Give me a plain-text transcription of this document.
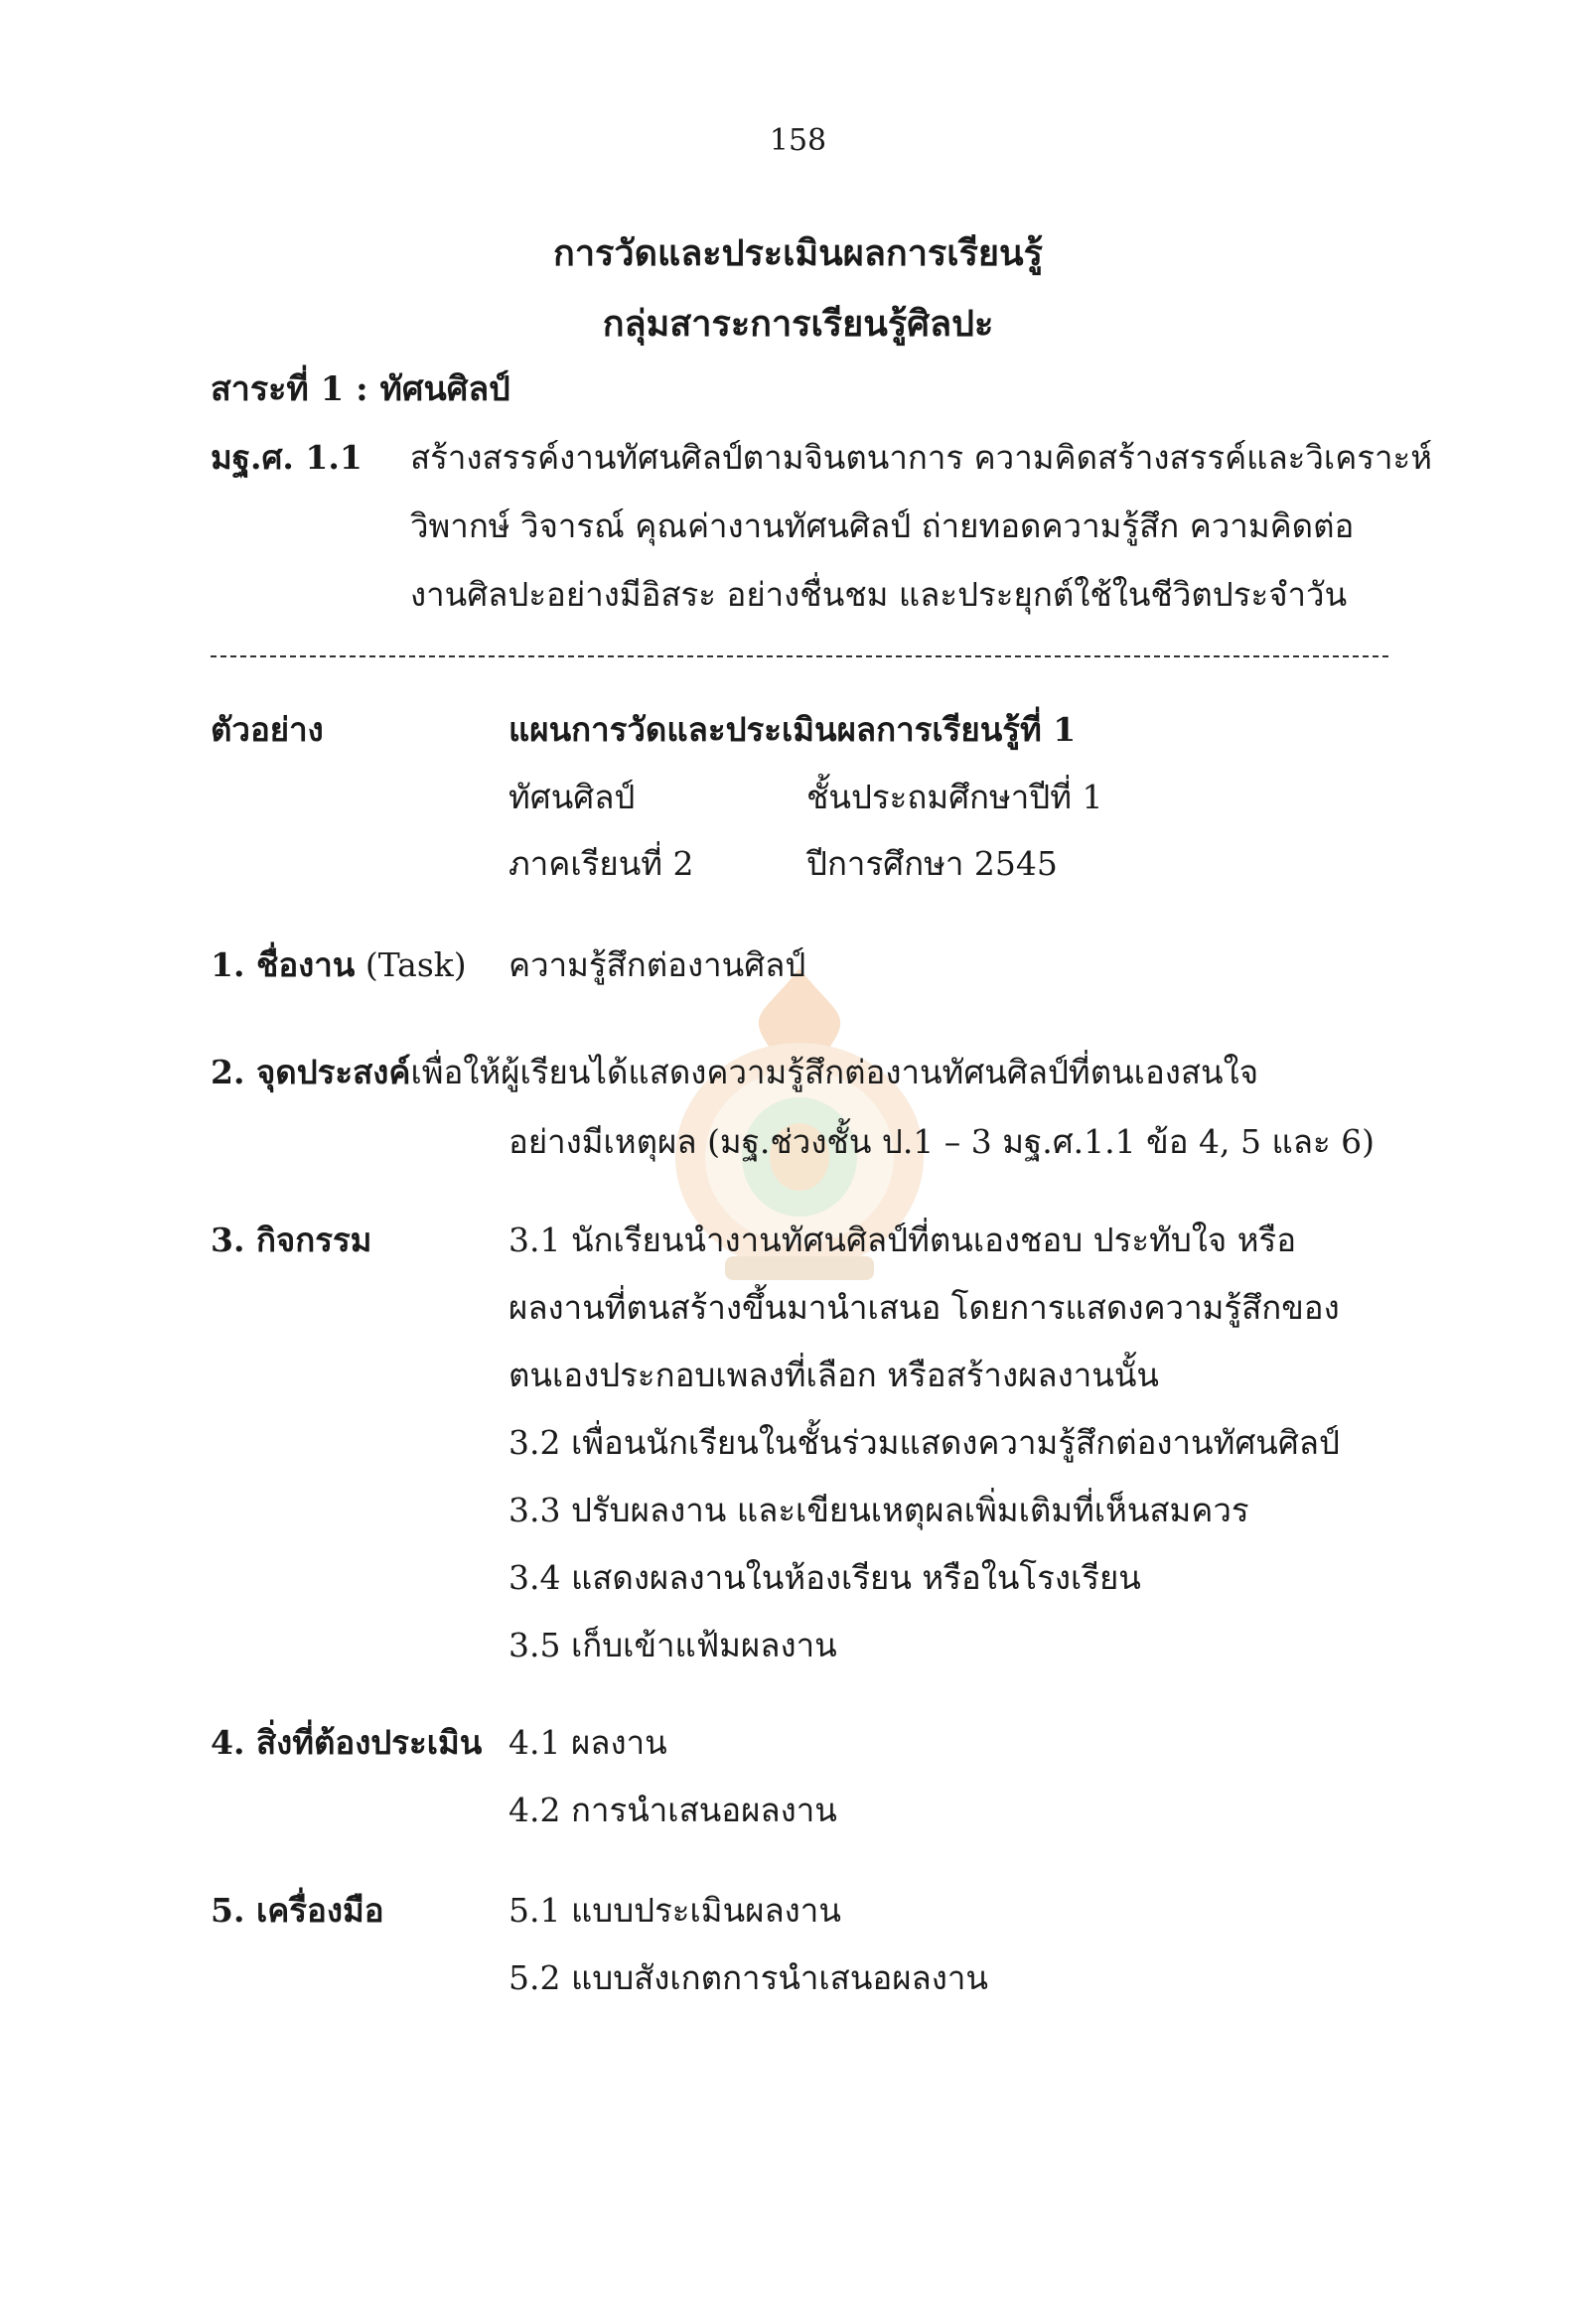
158
การวัดและประเมินผลการเรียนรู้
กลุ่มสาระการเรียนรู้ศิลปะ
สาระที่ 1 : ทัศนศิลป์
มฐ.ศ. 1.1 สร้างสรรค์งานทัศนศิลป์ตามจินตนาการ ความคิดสร้างสรรค์และวิเคราะห์
วิพากษ์ วิจารณ์ คุณค่างานทัศนศิลป์ ถ่ายทอดความรู้สึก ความคิดต่อ
งานศิลปะอย่างมีอิสระ อย่างชื่นชม และประยุกต์ใช้ในชีวิตประจำวัน
ตัวอย่าง	แผนการวัดและประเมินผลการเรียนรู้ที่ 1
ทัศนศิลป์	ชั้นประถมศึกษาปีที่ 1
ภาคเรียนที่ 2	ปีการศึกษา 2545
1. ชื่องาน (Task) ความรู้สึกต่องานศิลป์
2. จุดประสงค์เพื่อให้ผู้เรียนได้แสดงความรู้สึกต่องานทัศนศิลป์ที่ตนเองสนใจ
อย่างมีเหตุผล (มฐ.ช่วงชั้น ป.1 – 3 มฐ.ศ.1.1 ข้อ 4, 5 และ 6)
3. กิจกรรม	3.1 นักเรียนนำงานทัศนศิลป์ที่ตนเองชอบ ประทับใจ หรือ
ผลงานที่ตนสร้างขึ้นมานำเสนอ โดยการแสดงความรู้สึกของ
ตนเองประกอบเพลงที่เลือก หรือสร้างผลงานนั้น
3.2 เพื่อนนักเรียนในชั้นร่วมแสดงความรู้สึกต่องานทัศนศิลป์
3.3 ปรับผลงาน และเขียนเหตุผลเพิ่มเติมที่เห็นสมควร
3.4 แสดงผลงานในห้องเรียน หรือในโรงเรียน
3.5 เก็บเข้าแฟ้มผลงาน
4. สิ่งที่ต้องประเมิน 4.1 ผลงาน
4.2 การนำเสนอผลงาน
5. เครื่องมือ	5.1 แบบประเมินผลงาน
5.2 แบบสังเกตการนำเสนอผลงาน
